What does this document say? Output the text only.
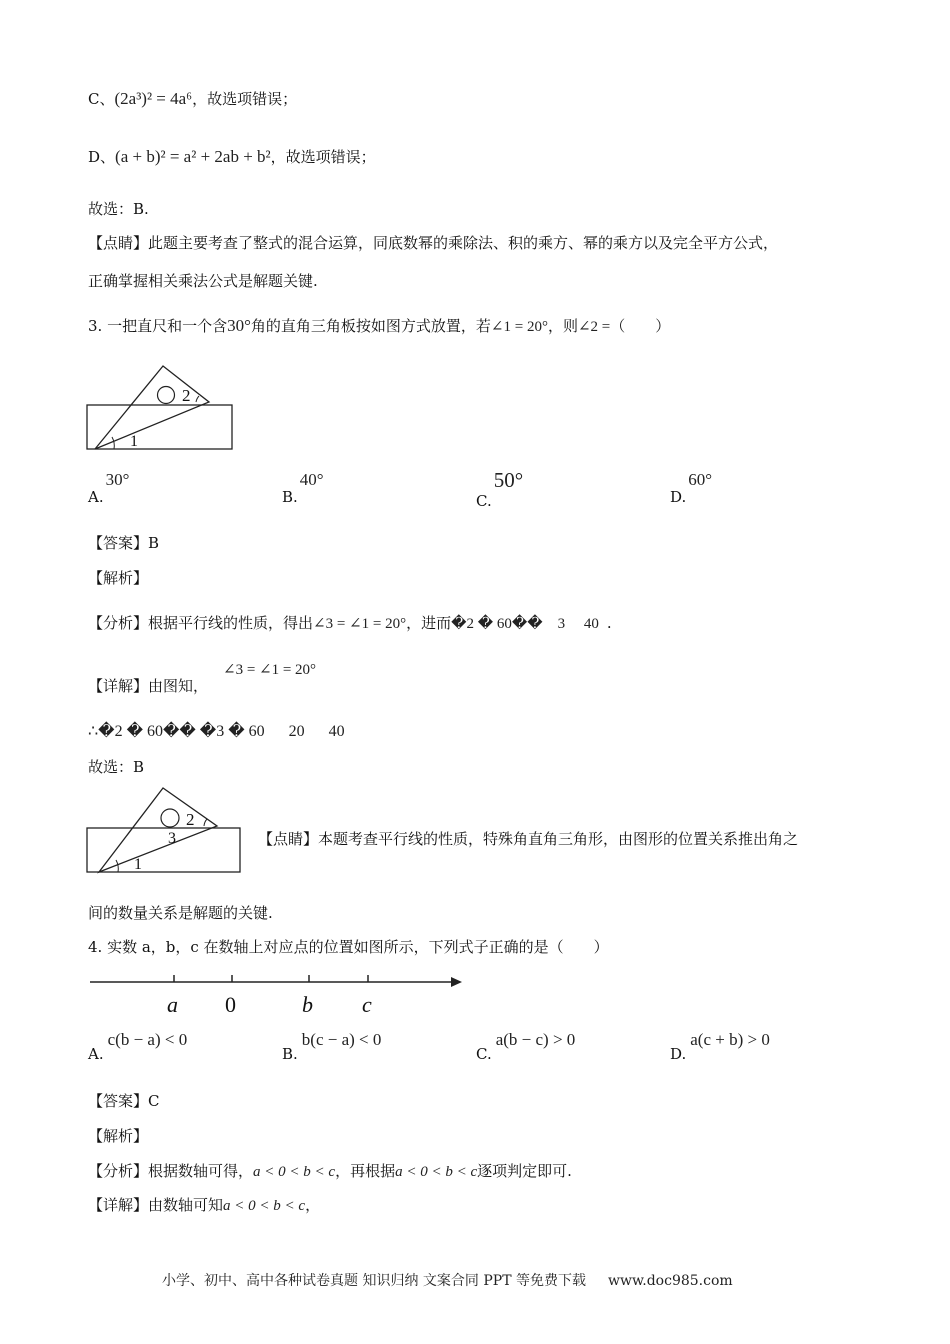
C、(2a³)² = 4a⁶，故选项错误；
D、(a + b)² = a² + 2ab + b²，故选项错误；
故选：B.
【点睛】此题主要考查了整式的混合运算，同底数幂的乘除法、积的乘方、幂的乘方以及完全平方公式，
正确掌握相关乘法公式是解题关键.
3. 一把直尺和一个含30°角的直角三角板按如图方式放置，若∠1 = 20°，则∠2 =（　　）
2
1
A.30°
B.40°
C.50°
D.60°
【答案】B
【解析】
【分析】根据平行线的性质，得出∠3 = ∠1 = 20°，进而�2 � 60��　3　 40 .
∠3 = ∠1 = 20°
【详解】由图知，
∴�2 � 60�� �3 � 60　  20　  40
故选：B
2
3
1
【点睛】本题考查平行线的性质，特殊角直角三角形，由图形的位置关系推出角之
间的数量关系是解题的关键.
4. 实数 a，b，c 在数轴上对应点的位置如图所示，下列式子正确的是（　　）
a 0	b c
A.c(b − a) < 0
B.b(c − a) < 0
C.a(b − c) > 0
D.a(c + b) > 0
【答案】C
【解析】
【分析】根据数轴可得，a < 0 < b < c，再根据a < 0 < b < c逐项判定即可.
【详解】由数轴可知a < 0 < b < c，
小学、初中、高中各种试卷真题 知识归纳 文案合同 PPT 等免费下载 www.doc985.com
